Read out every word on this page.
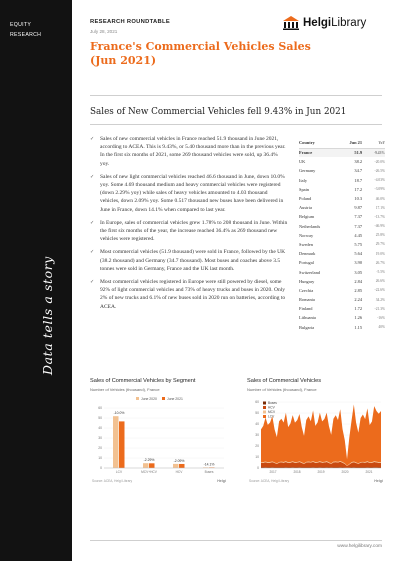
EQUITY
RESEARCH
Data tells a story
RESEARCH ROUNDTABLE
July 28, 2021
HelgiLibrary
France's Commercial Vehicles Sales
(Jun 2021)
Sales of New Commercial Vehicles fell 9.43% in Jun 2021
✓ Sales of new commercial vehicles in France reached 51.9 thousand in June 2021, according to ACEA. This is 9.43%, or 5.40 thousand more than in the previous year. In the first six months of 2021, some 269 thousand vehicles were sold, up 36.4% yoy.
✓ Sales of new light commercial vehicles reached 46.6 thousand in June, down 10.0% yoy. Some 4.69 thousand medium and heavy commercial vehicles were registered (down 2.29% yoy) while sales of heavy vehicles amounted to 4.03 thousand vehicles, down 2.09% yoy. Some 0.517 thousand new buses have been delivered in June in France, down 14.1% when compared to last year.
✓ In Europe, sales of commercial vehicles grew 1.78% to 208 thousand in June. Within the first six months of the year, the increase reached 36.4% as 269 thousand new vehicles were registered.
✓ Most commercial vehicles (51.9 thousand) were sold in France, followed by the UK (38.2 thousand) and Germany (34.7 thousand). Most buses and coaches above 3.5 tonnes were sold in Germany, France and the UK last month.
✓ Most commercial vehicles registered in Europe were still powered by diesel, some 92% of light commercial vehicles and 73% of heavy trucks and buses in 2020. Only 2% of new trucks and 6.1% of new buses sold in 2020 run on batteries, according to ACEA.
Country	Jun 21	YoY
France	51.9	-9.43%
UK	38.2	-20.0%
Germany	34.7	-26.5%
Italy	18.7	-4.03%
Spain	17.2	-3.09%
Poland	10.3	46.0%
Austria	9.87	17.1%
Belgium	7.37	-13.7%
Netherlands	7.37	-46.9%
Norway	4.45	25.8%
Sweden	5.75	29.7%
Denmark	5.64	19.0%
Portugal	3.90	26.7%
Switzerland	3.05	-5.5%
Hungary	2.84	26.6%
Czechia	2.85	-22.6%
Romania	2.24	34.2%
Finland	1.72	-21.3%
Lithuania	1.26	-16%
Bulgaria	1.15	40%
Sales of Commercial Vehicles by Segment
Number of Vehicles (thousand), France
0
10
20
30
40
50
60
June 2020	June 2021
-10.0%
LCV
-2.29%
MCV+HCV
-2.09%
HCV
-14.1%
Buses
Source: ACEA, Helgi Library	Helgi
Sales of Commercial Vehicles
Number of Vehicles (thousand), France
0
10
20
30
40
50
60	Buses
HCV
MCV
LCV
2017	2018	2019	2020	2021
Source: ACEA, Helgi Library	Helgi
www.helgilibrary.com
